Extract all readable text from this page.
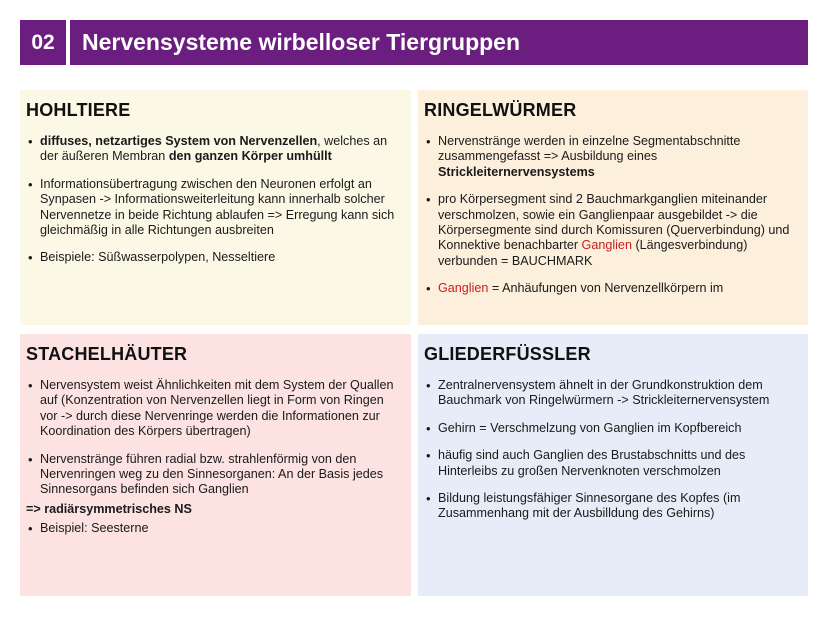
02	Nervensysteme wirbelloser Tiergruppen
HOHLTIERE
• diffuses, netzartiges System von Nervenzellen, welches an der äußeren Membran den ganzen Körper umhüllt
• Informationsübertragung zwischen den Neuronen erfolgt an Synpasen -> Informationsweiterleitung kann innerhalb solcher Nervennetze in beide Richtung ablaufen => Erregung kann sich gleichmäßig in alle Richtungen ausbreiten
• Beispiele: Süßwasserpolypen, Nesseltiere
RINGELWÜRMER
• Nervenstränge werden in einzelne Segmentabschnitte zusammengefasst => Ausbildung eines Strickleiternervensystems
• pro Körpersegment sind 2 Bauchmarkganglien miteinander verschmolzen, sowie ein Ganglienpaar ausgebildet -> die Körpersegmente sind durch Komissuren (Querverbindung) und Konnektive benachbarter Ganglien (Längesverbindung) verbunden = BAUCHMARK
• Ganglien = Anhäufungen von Nervenzellkörpern im
STACHELHÄUTER
• Nervensystem weist Ähnlichkeiten mit dem System der Quallen auf (Konzentration von Nervenzellen liegt in Form von Ringen vor -> durch diese Nervenringe werden die Informationen zur Koordination des Körpers übertragen)
• Nervenstränge führen radial bzw. strahlenförmig von den Nervenringen weg zu den Sinnesorganen: An der Basis jedes Sinnesorgans befinden sich Ganglien
=> radiärsymmetrisches NS
• Beispiel: Seesterne
GLIEDERFÜSSLER
• Zentralnervensystem ähnelt in der Grundkonstruktion dem Bauchmark von Ringelwürmern -> Strickleiternervensystem
• Gehirn = Verschmelzung von Ganglien im Kopfbereich
• häufig sind auch Ganglien des Brustabschnitts und des Hinterleibs zu großen Nervenknoten verschmolzen
• Bildung leistungsfähiger Sinnesorgane des Kopfes (im Zusammenhang mit der Ausbilldung des Gehirns)
